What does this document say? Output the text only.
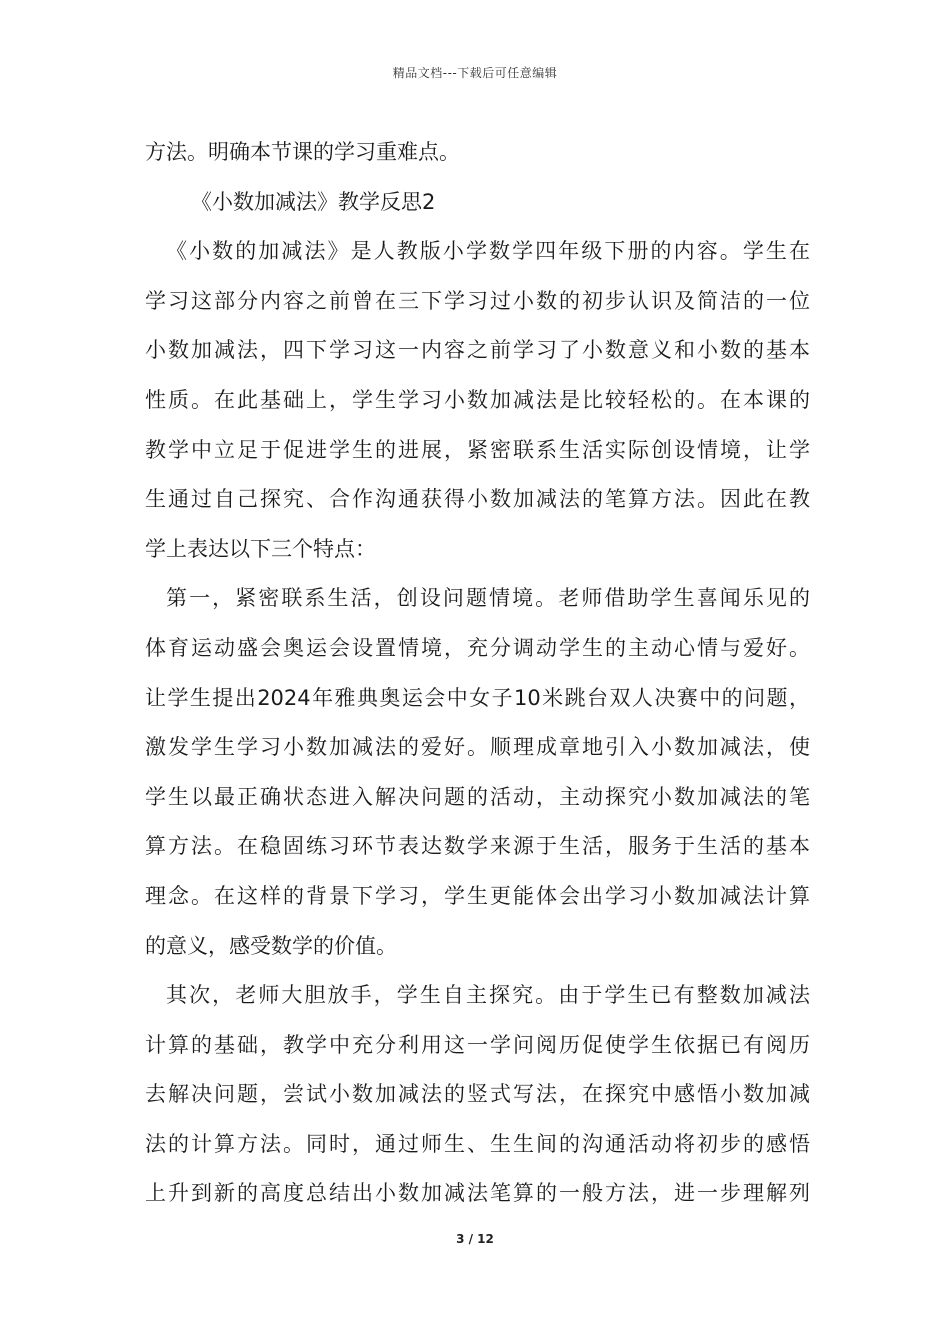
精品文档---下载后可任意编辑
方法。明确本节课的学习重难点。
《小数加减法》教学反思2
《小数的加减法》是人教版小学数学四年级下册的内容。学生在
学习这部分内容之前曾在三下学习过小数的初步认识及简洁的一位
小数加减法，四下学习这一内容之前学习了小数意义和小数的基本
性质。在此基础上，学生学习小数加减法是比较轻松的。在本课的
教学中立足于促进学生的进展，紧密联系生活实际创设情境，让学
生通过自己探究、合作沟通获得小数加减法的笔算方法。因此在教
学上表达以下三个特点：
第一，紧密联系生活，创设问题情境。老师借助学生喜闻乐见的
体育运动盛会奥运会设置情境，充分调动学生的主动心情与爱好。
让学生提出2024年雅典奥运会中女子10米跳台双人决赛中的问题，
激发学生学习小数加减法的爱好。顺理成章地引入小数加减法，使
学生以最正确状态进入解决问题的活动，主动探究小数加减法的笔
算方法。在稳固练习环节表达数学来源于生活，服务于生活的基本
理念。在这样的背景下学习，学生更能体会出学习小数加减法计算
的意义，感受数学的价值。
其次，老师大胆放手，学生自主探究。由于学生已有整数加减法
计算的基础，教学中充分利用这一学问阅历促使学生依据已有阅历
去解决问题，尝试小数加减法的竖式写法，在探究中感悟小数加减
法的计算方法。同时，通过师生、生生间的沟通活动将初步的感悟
上升到新的高度总结出小数加减法笔算的一般方法，进一步理解列
3 / 12
